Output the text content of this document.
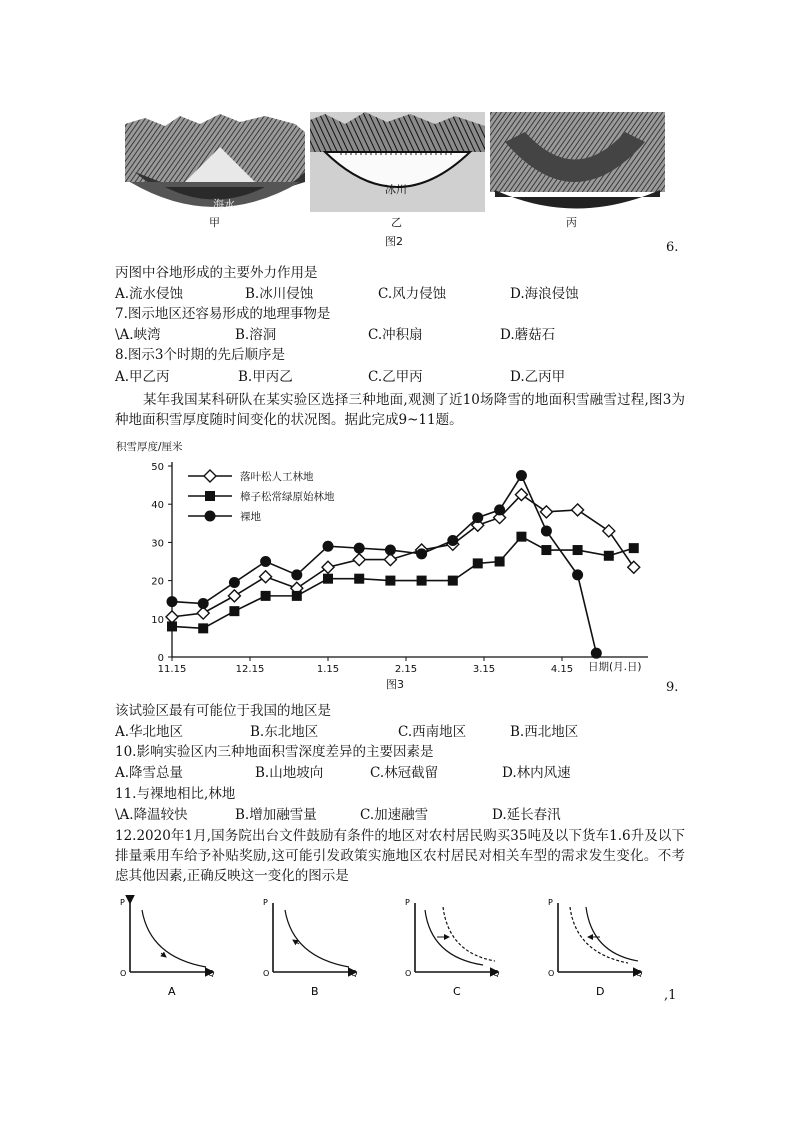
海水
冰川
甲	乙	丙
图2	6.
丙图中谷地形成的主要外力作用是
A.流水侵蚀	B.冰川侵蚀	C.风力侵蚀	D.海浪侵蚀
7.图示地区还容易形成的地理事物是
\A.峡湾	B.溶洞	C.冲积扇	D.蘑菇石
8.图示3个时期的先后顺序是
A.甲乙丙	B.甲丙乙	C.乙甲丙	D.乙丙甲
某年我国某科研队在某实验区选择三种地面,观测了近10场降雪的地面积雪融雪过程,图3为种地面积雪厚度随时间变化的状况图。据此完成9~11题。
积雪厚度/厘米
0
10
20
30
40
50
11.15	12.15	1.15	2.15	3.15	4.15
落叶松人工林地
樟子松常绿原始林地
裸地
日期(月.日)
图3	9.
该试验区最有可能位于我国的地区是
A.华北地区	B.东北地区	C.西南地区	B.西北地区
10.影响实验区内三种地面积雪深度差异的主要因素是
A.降雪总量	B.山地坡向	C.林冠截留	D.林内风速
11.与裸地相比,林地
\A.降温较快	B.增加融雪量	C.加速融雪	D.延长春汛
12.2020年1月,国务院出台文件鼓励有条件的地区对农村居民购买35吨及以下货车1.6升及以下排量乘用车给予补贴奖励,这可能引发政策实施地区农村居民对相关车型的需求发生变化。不考虑其他因素,正确反映这一变化的图示是
P
O	Q
A
P
O	Q
B
P
O	Q
C
P
O	Q
D	,1
